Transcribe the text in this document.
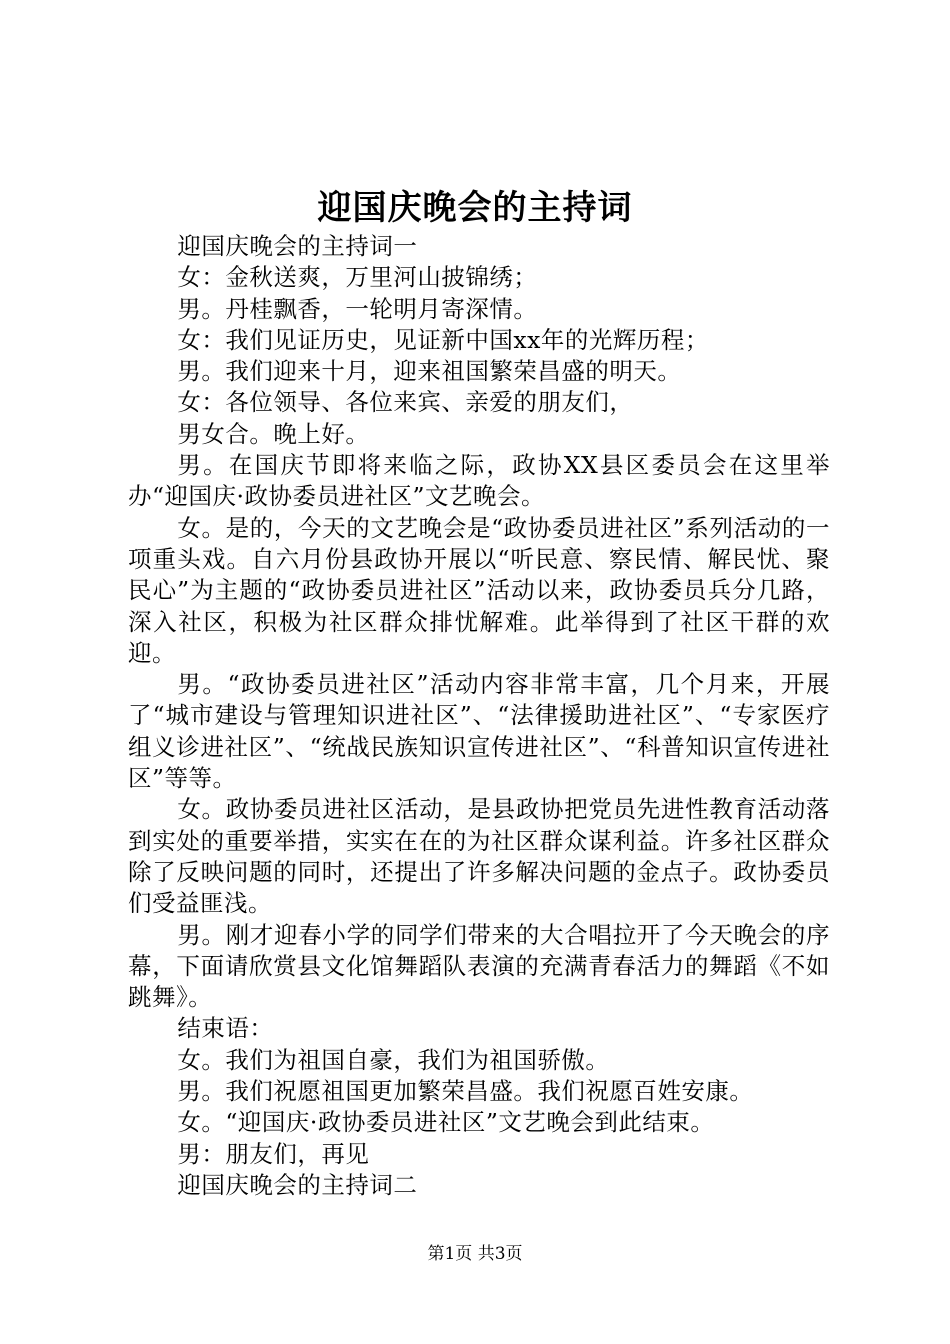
迎国庆晚会的主持词

迎国庆晚会的主持词一

女：金秋送爽，万里河山披锦绣；

男。丹桂飘香，一轮明月寄深情。

女：我们见证历史，见证新中国xx年的光辉历程；

男。我们迎来十月，迎来祖国繁荣昌盛的明天。

女：各位领导、各位来宾、亲爱的朋友们，

男女合。晚上好。

男。在国庆节即将来临之际，政协XX县区委员会在这里举办“迎国庆·政协委员进社区”文艺晚会。

女。是的，今天的文艺晚会是“政协委员进社区”系列活动的一项重头戏。自六月份县政协开展以“听民意、察民情、解民忧、聚民心”为主题的“政协委员进社区”活动以来，政协委员兵分几路，深入社区，积极为社区群众排忧解难。此举得到了社区干群的欢迎。

男。“政协委员进社区”活动内容非常丰富，几个月来，开展了“城市建设与管理知识进社区”、“法律援助进社区”、“专家医疗组义诊进社区”、“统战民族知识宣传进社区”、“科普知识宣传进社区”等等。

女。政协委员进社区活动，是县政协把党员先进性教育活动落到实处的重要举措，实实在在的为社区群众谋利益。许多社区群众除了反映问题的同时，还提出了许多解决问题的金点子。政协委员们受益匪浅。

男。刚才迎春小学的同学们带来的大合唱拉开了今天晚会的序幕，下面请欣赏县文化馆舞蹈队表演的充满青春活力的舞蹈《不如跳舞》。

结束语：

女。我们为祖国自豪，我们为祖国骄傲。

男。我们祝愿祖国更加繁荣昌盛。我们祝愿百姓安康。

女。“迎国庆·政协委员进社区”文艺晚会到此结束。

男：朋友们，再见

迎国庆晚会的主持词二

第1页 共3页
